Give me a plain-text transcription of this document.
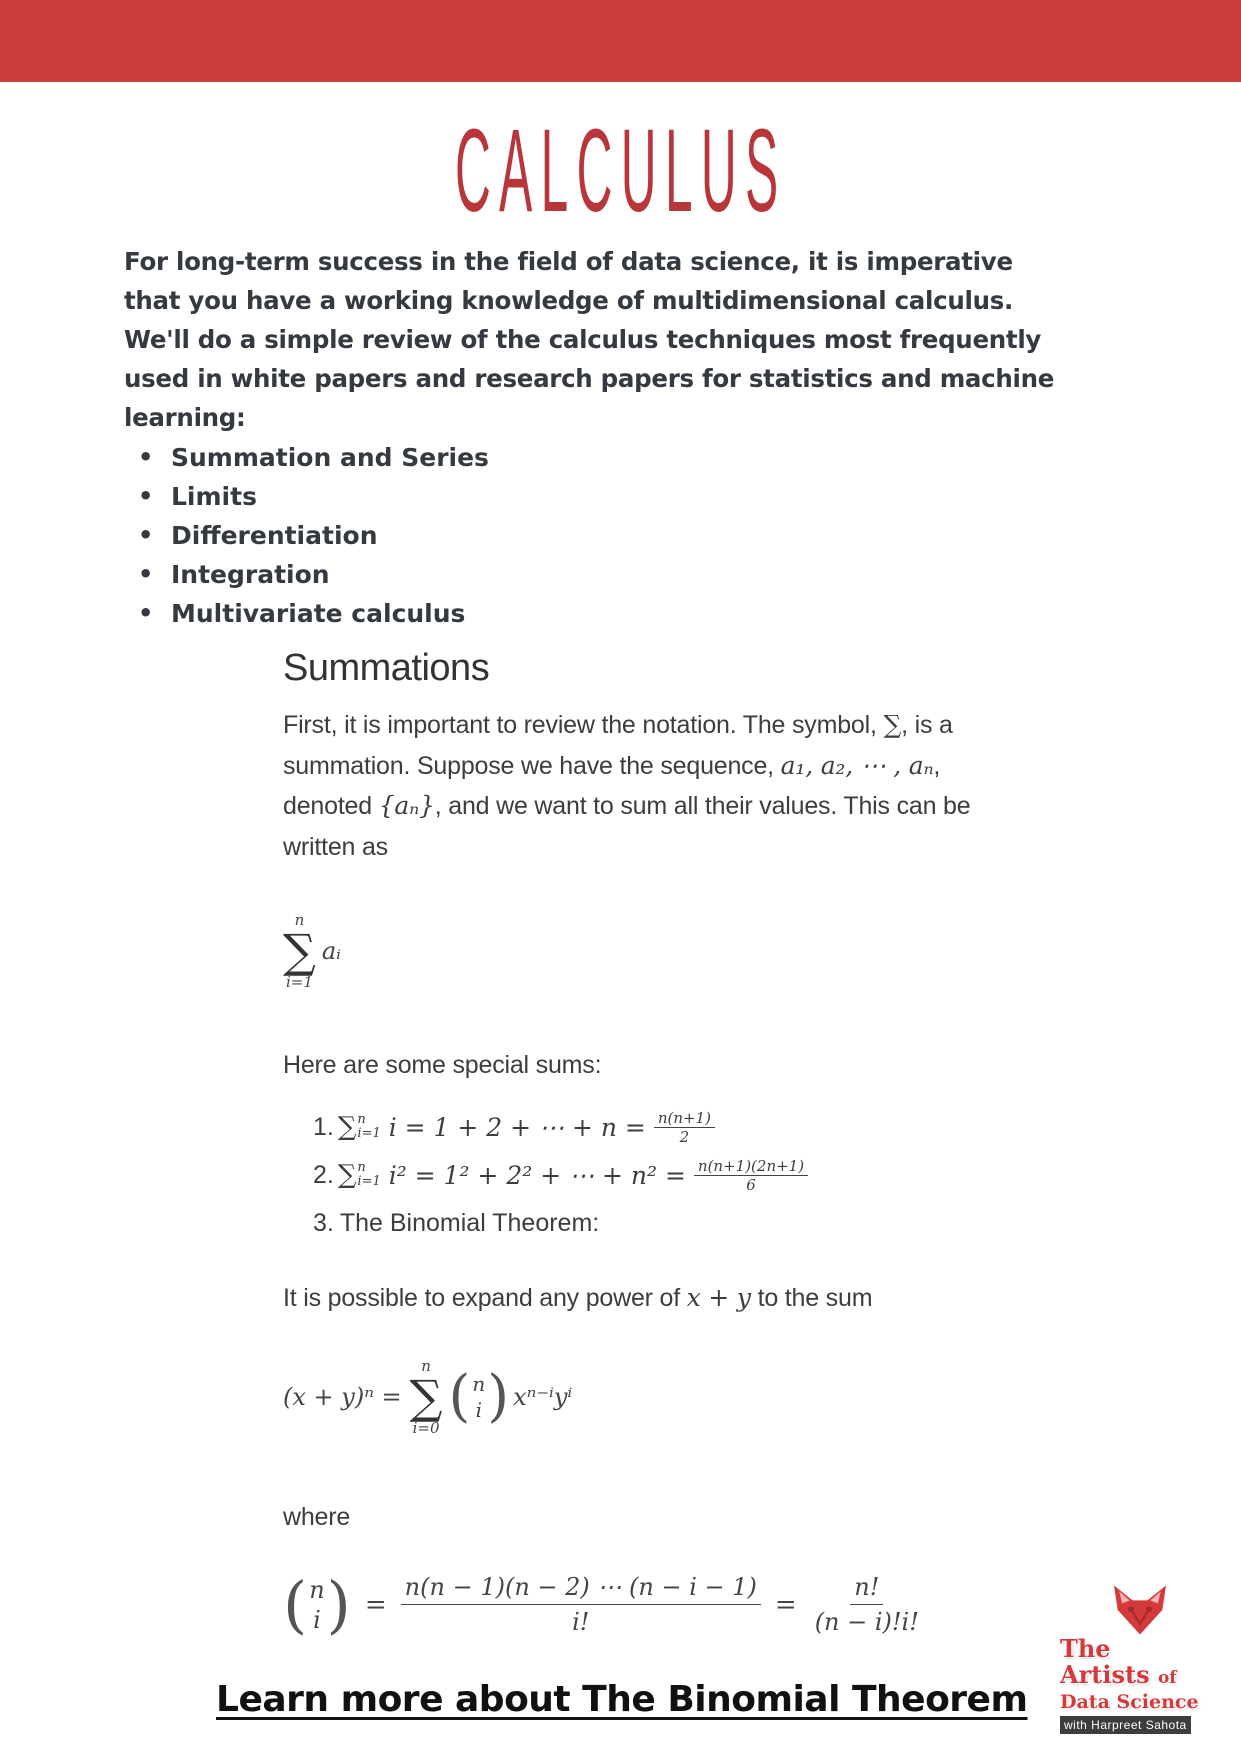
CALCULUS
For long-term success in the field of data science, it is imperative
that you have a working knowledge of multidimensional calculus.
We'll do a simple review of the calculus techniques most frequently
used in white papers and research papers for statistics and machine
learning:
• Summation and Series
• Limits
• Differentiation
• Integration
• Multivariate calculus
Summations
First, it is important to review the notation. The symbol, ∑, is a
summation. Suppose we have the sequence, a₁, a₂, ⋯ , aₙ,
denoted {aₙ}, and we want to sum all their values. This can be
written as
n
∑
i=1
aᵢ
Here are some special sums:
1. ∑ n
i=1 i = 1 + 2 + ⋯ + $n = \frac{n(n+1)}{2}$
2. ∑ n
i=1 i² = 1² + 2² + ⋯ + $n^2 = \frac{n(n+1)(2n+1)}{6}$
3. The Binomial Theorem:
It is possible to expand any power of x + y to the sum
(x + y)ⁿ =
n
∑
i=0 ( n
i ) xⁿ⁻ⁱyⁱ
where
( n
i ) = $\frac{n(n - 1)(n - 2) \cdots (n - i - 1)}{i!} = \frac{n!}{(n - i)!i!}$
Learn more about The Binomial Theorem
The
Artists of
Data Science
with Harpreet Sahota
